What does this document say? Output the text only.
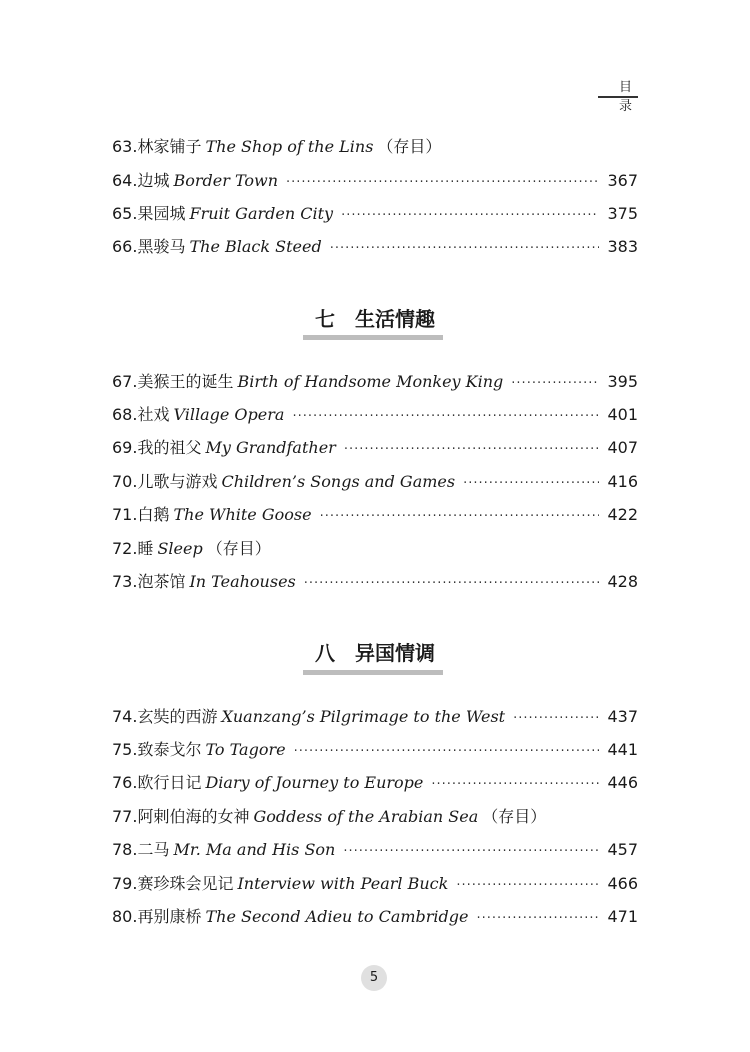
目 录
63. 林家铺子 The Shop of the Lins （存目）
64. 边城 Border Town ·····	367
65. 果园城 Fruit Garden City ·····	375
66. 黑骏马 The Black Steed ·····	383
七 生活情趣
67. 美猴王的诞生 Birth of Handsome Monkey King ·····	395
68. 社戏 Village Opera ·····	401
69. 我的祖父 My Grandfather ·····	407
70. 儿歌与游戏 Children’s Songs and Games ·····	416
71. 白鹅 The White Goose ·····	422
72. 睡 Sleep （存目）
73. 泡茶馆 In Teahouses ·····	428
八 异国情调
74. 玄奘的西游 Xuanzang’s Pilgrimage to the West ·····	437
75. 致泰戈尔 To Tagore ·····	441
76. 欧行日记 Diary of Journey to Europe ·····	446
77. 阿剌伯海的女神 Goddess of the Arabian Sea （存目）
78. 二马 Mr. Ma and His Son ·····	457
79. 赛珍珠会见记 Interview with Pearl Buck ·····	466
80. 再别康桥 The Second Adieu to Cambridge ·····	471
5
